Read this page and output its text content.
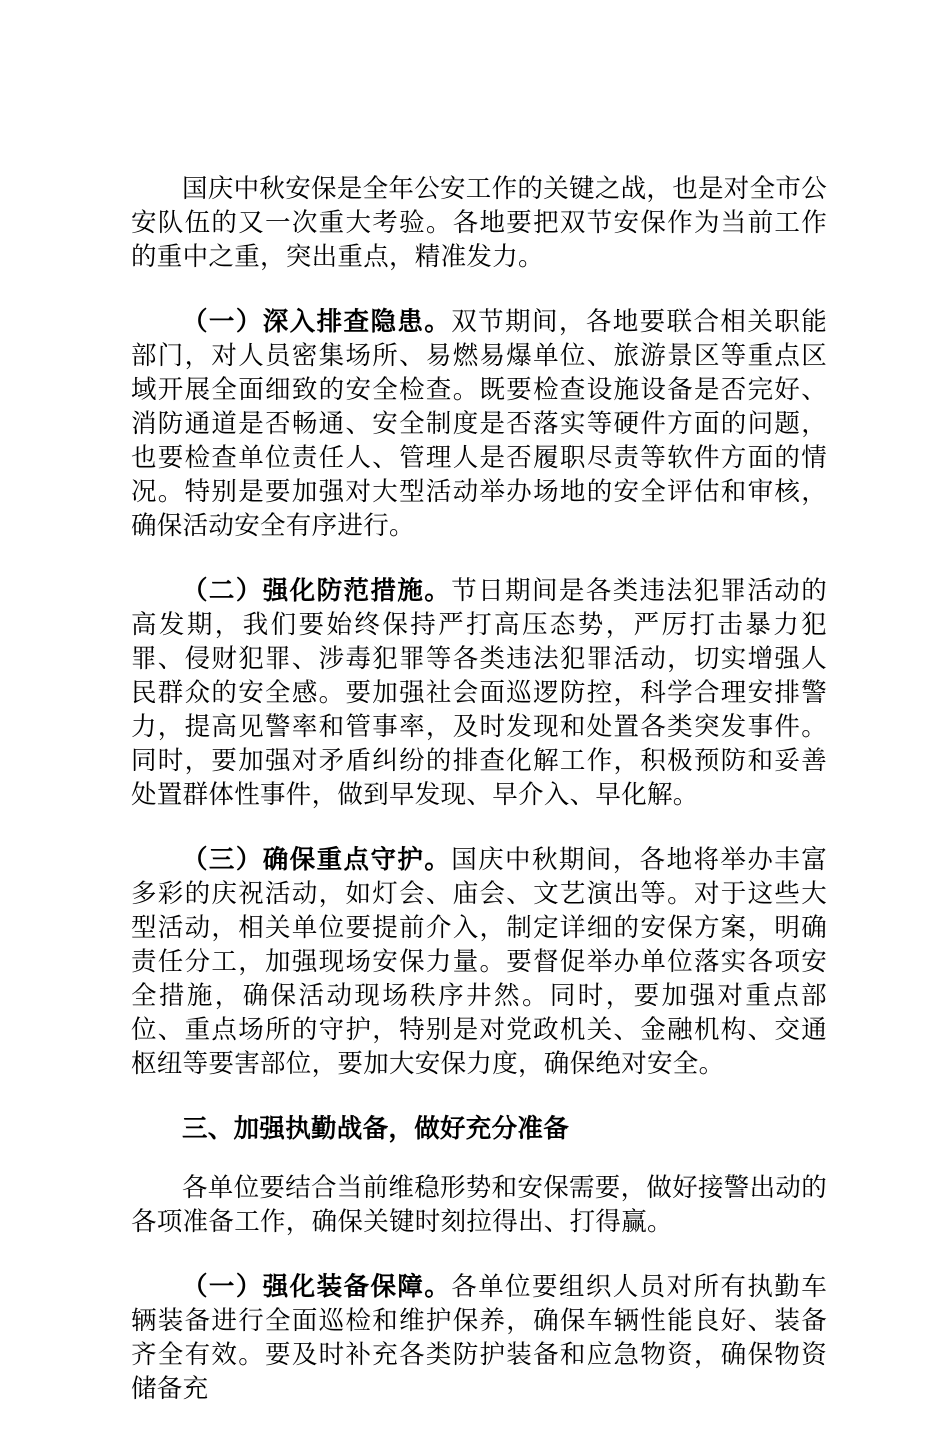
国庆中秋安保是全年公安工作的关键之战，也是对全市公安队伍的又一次重大考验。各地要把双节安保作为当前工作的重中之重，突出重点，精准发力。

（一）深入排查隐患。双节期间，各地要联合相关职能部门，对人员密集场所、易燃易爆单位、旅游景区等重点区域开展全面细致的安全检查。既要检查设施设备是否完好、消防通道是否畅通、安全制度是否落实等硬件方面的问题，也要检查单位责任人、管理人是否履职尽责等软件方面的情况。特别是要加强对大型活动举办场地的安全评估和审核，确保活动安全有序进行。

（二）强化防范措施。节日期间是各类违法犯罪活动的高发期，我们要始终保持严打高压态势，严厉打击暴力犯罪、侵财犯罪、涉毒犯罪等各类违法犯罪活动，切实增强人民群众的安全感。要加强社会面巡逻防控，科学合理安排警力，提高见警率和管事率，及时发现和处置各类突发事件。同时，要加强对矛盾纠纷的排查化解工作，积极预防和妥善处置群体性事件，做到早发现、早介入、早化解。

（三）确保重点守护。国庆中秋期间，各地将举办丰富多彩的庆祝活动，如灯会、庙会、文艺演出等。对于这些大型活动，相关单位要提前介入，制定详细的安保方案，明确责任分工，加强现场安保力量。要督促举办单位落实各项安全措施，确保活动现场秩序井然。同时，要加强对重点部位、重点场所的守护，特别是对党政机关、金融机构、交通枢纽等要害部位，要加大安保力度，确保绝对安全。

三、加强执勤战备，做好充分准备

各单位要结合当前维稳形势和安保需要，做好接警出动的各项准备工作，确保关键时刻拉得出、打得赢。

（一）强化装备保障。各单位要组织人员对所有执勤车辆装备进行全面巡检和维护保养，确保车辆性能良好、装备齐全有效。要及时补充各类防护装备和应急物资，确保物资储备充
